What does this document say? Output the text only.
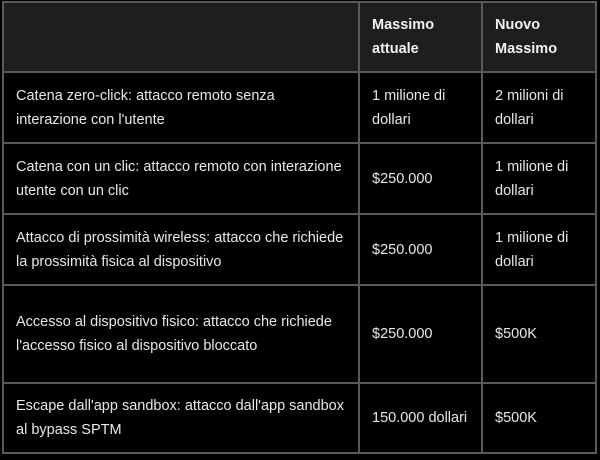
	Massimo attuale	Nuovo Massimo
Catena zero-click: attacco remoto senza interazione con l'utente	1 milione di dollari	2 milioni di dollari
Catena con un clic: attacco remoto con interazione utente con un clic	$250.000	1 milione di dollari
Attacco di prossimità wireless: attacco che richiede la prossimità fisica al dispositivo	$250.000	1 milione di dollari
Accesso al dispositivo fisico: attacco che richiede l'accesso fisico al dispositivo bloccato	$250.000	$500K
Escape dall'app sandbox: attacco dall'app sandbox al bypass SPTM	150.000 dollari	$500K
